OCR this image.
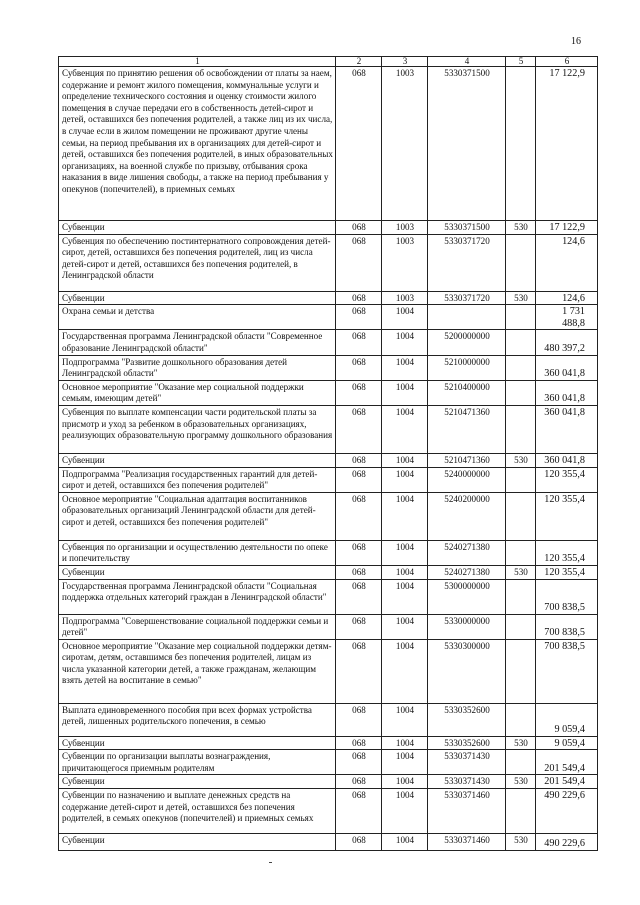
16
1	2	3	4	5	6
Субвенция по принятию решения об освобождении от платы за наем, содержание и ремонт жилого помещения, коммунальные услуги и определение технического состояния и оценку стоимости жилого помещения в случае передачи его в собственность детей-сирот и детей, оставшихся без попечения родителей, а также лиц из их числа, в случае если в жилом помещении не проживают другие члены семьи, на период пребывания их в организациях для детей-сирот и детей, оставшихся без попечения родителей, в иных образовательных организациях, на военной службе по призыву, отбывания срока наказания в виде лишения свободы, а также на период пребывания у опекунов (попечителей), в приемных семьях	068	1003	5330371500		17 122,9
Субвенции	068	1003	5330371500	530	17 122,9
Субвенция по обеспечению постинтернатного сопровождения детей-сирот, детей, оставшихся без попечения родителей, лиц из числа детей-сирот и детей, оставшихся без попечения родителей, в Ленинградской области	068	1003	5330371720		124,6
Субвенции	068	1003	5330371720	530	124,6
Охрана семьи и детства	068	1004			1 731 488,8
Государственная программа Ленинградской области "Современное образование Ленинградской области"	068	1004	5200000000		480 397,2
Подпрограмма "Развитие дошкольного образования детей Ленинградской области"	068	1004	5210000000		360 041,8
Основное мероприятие "Оказание мер социальной поддержки семьям, имеющим детей"	068	1004	5210400000		360 041,8
Субвенция по выплате компенсации части родительской платы за присмотр и уход за ребенком в образовательных организациях, реализующих образовательную программу дошкольного образования	068	1004	5210471360		360 041,8
Субвенции	068	1004	5210471360	530	360 041,8
Подпрограмма "Реализация государственных гарантий для детей-сирот и детей, оставшихся без попечения родителей"	068	1004	5240000000		120 355,4
Основное мероприятие "Социальная адаптация воспитанников образовательных организаций Ленинградской области для детей-сирот и детей, оставшихся без попечения родителей"	068	1004	5240200000		120 355,4
Субвенция по организации и осуществлению деятельности по опеке и попечительству	068	1004	5240271380		120 355,4
Субвенции	068	1004	5240271380	530	120 355,4
Государственная программа Ленинградской области "Социальная поддержка отдельных категорий граждан в Ленинградской области"	068	1004	5300000000		700 838,5
Подпрограмма "Совершенствование социальной поддержки семьи и детей"	068	1004	5330000000		700 838,5
Основное мероприятие "Оказание мер социальной поддержки детям-сиротам, детям, оставшимся без попечения родителей, лицам из числа указанной категории детей, а также гражданам, желающим взять детей на воспитание в семью"	068	1004	5330300000		700 838,5
Выплата единовременного пособия при всех формах устройства детей, лишенных родительского попечения, в семью	068	1004	5330352600		9 059,4
Субвенции	068	1004	5330352600	530	9 059,4
Субвенции по организации выплаты вознаграждения, причитающегося приемным родителям	068	1004	5330371430		201 549,4
Субвенции	068	1004	5330371430	530	201 549,4
Субвенции по назначению и выплате денежных средств на содержание детей-сирот и детей, оставшихся без попечения родителей, в семьях опекунов (попечителей) и приемных семьях	068	1004	5330371460		490 229,6
Субвенции	068	1004	5330371460	530	490 229,6
